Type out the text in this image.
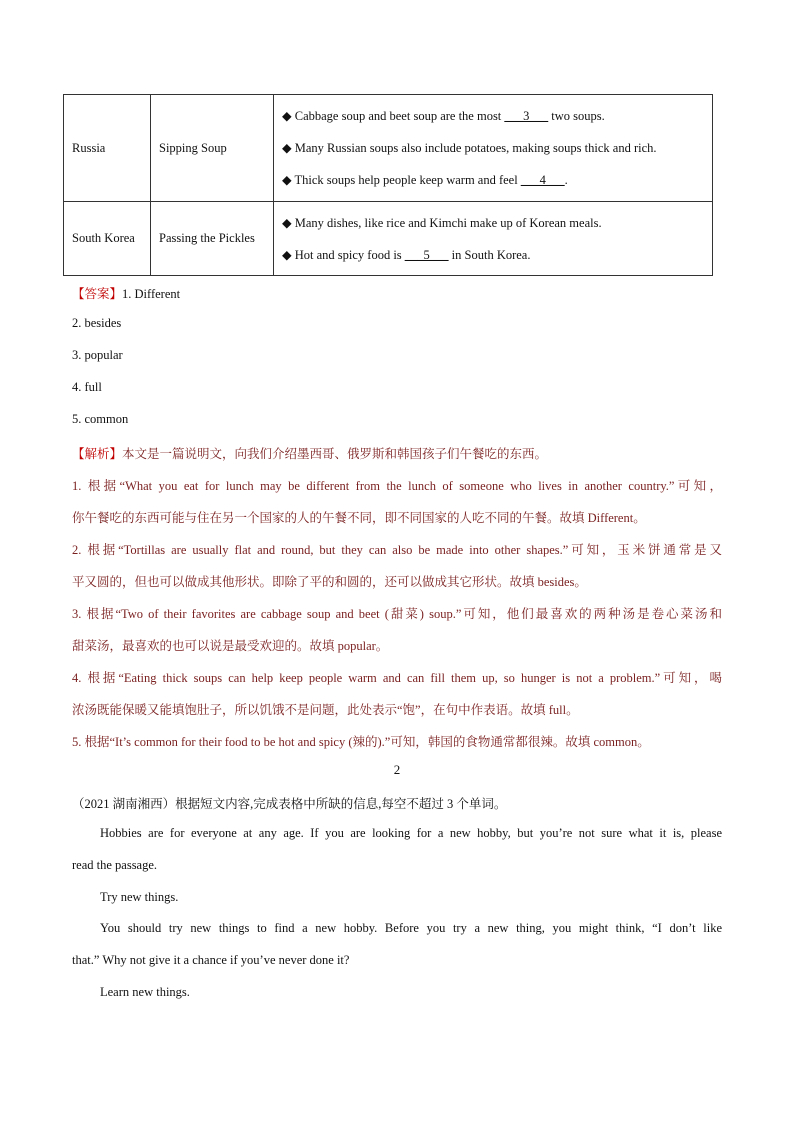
Russia	Sipping Soup	◆ Cabbage soup and beet soup are the most ___3___ two soups.
◆ Many Russian soups also include potatoes, making soups thick and rich.
◆ Thick soups help people keep warm and feel ___4___.

South Korea	Passing the Pickles	◆ Many dishes, like rice and Kimchi make up of Korean meals.
◆ Hot and spicy food is ___5___ in South Korea.
【答案】1. Different
2. besides
3. popular
4. full
5. common
【解析】本文是一篇说明文，向我们介绍墨西哥、俄罗斯和韩国孩子们午餐吃的东西。
1. 根据“What you eat for lunch may be different from the lunch of someone who lives in another country.”可知，
你午餐吃的东西可能与住在另一个国家的人的午餐不同，即不同国家的人吃不同的午餐。故填 Different。
2. 根据“Tortillas are usually flat and round, but they can also be made into other shapes.”可知，玉米饼通常是又
平又圆的，但也可以做成其他形状。即除了平的和圆的，还可以做成其它形状。故填 besides。
3. 根据“Two of their favorites are cabbage soup and beet (甜菜) soup.”可知，他们最喜欢的两种汤是卷心菜汤和
甜菜汤，最喜欢的也可以说是最受欢迎的。故填 popular。
4. 根据“Eating thick soups can help keep people warm and can fill them up, so hunger is not a problem.”可知，喝
浓汤既能保暖又能填饱肚子，所以饥饿不是问题，此处表示“饱”，在句中作表语。故填 full。
5. 根据“It’s common for their food to be hot and spicy (辣的).”可知，韩国的食物通常都很辣。故填 common。
2
（2021 湖南湘西）根据短文内容,完成表格中所缺的信息,每空不超过 3 个单词。
Hobbies are for everyone at any age. If you are looking for a new hobby, but you’re not sure what it is, please
read the passage.
Try new things.
You should try new things to find a new hobby. Before you try a new thing, you might think, “I don’t like
that.” Why not give it a chance if you’ve never done it?
Learn new things.
